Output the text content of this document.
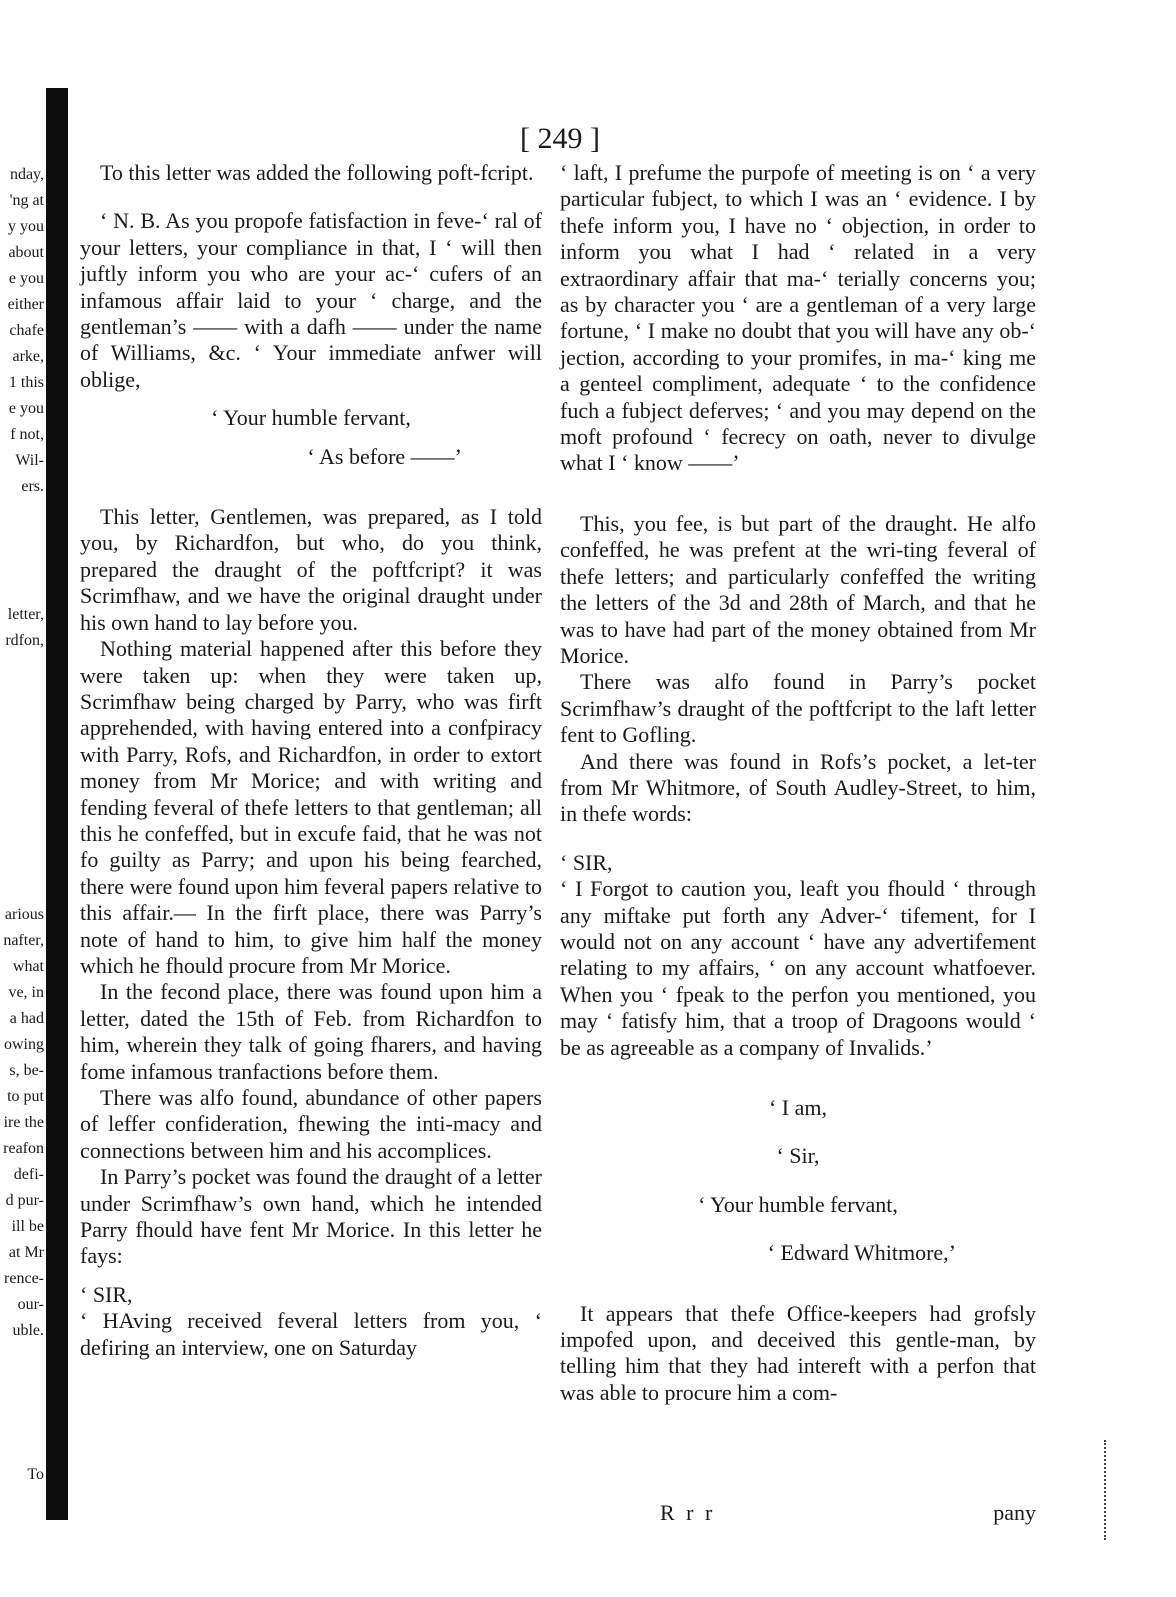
nday,
'ng at
y you
about
e you
either
chafe
arke,
1 this
e you
f not,
Wil-
ers.
letter,
rdfon,
arious
nafter,
what
ve, in
a had
owing
s, be-
to put
ire the
reafon
defi-
d pur-
ill be
at Mr
rence-
our-
uble.
To
[ 249 ]

To this letter was added the following poft-fcript.

‘ N. B. As you propofe fatisfaction in feve-‘ ral of your letters, your compliance in that, I ‘ will then juftly inform you who are your ac-‘ cufers of an infamous affair laid to your ‘ charge, and the gentleman’s —— with a dafh —— under the name of Williams, &c. ‘ Your immediate anfwer will oblige,

‘ Your humble fervant,

‘ As before ——’

This letter, Gentlemen, was prepared, as I told you, by Richardfon, but who, do you think, prepared the draught of the poftfcript? it was Scrimfhaw, and we have the original draught under his own hand to lay before you.

Nothing material happened after this before they were taken up: when they were taken up, Scrimfhaw being charged by Parry, who was firft apprehended, with having entered into a confpiracy with Parry, Rofs, and Richardfon, in order to extort money from Mr Morice; and with writing and fending feveral of thefe letters to that gentleman; all this he confeffed, but in excufe faid, that he was not fo guilty as Parry; and upon his being fearched, there were found upon him feveral papers relative to this affair.— In the firft place, there was Parry’s note of hand to him, to give him half the money which he fhould procure from Mr Morice.

In the fecond place, there was found upon him a letter, dated the 15th of Feb. from Richardfon to him, wherein they talk of going fharers, and having fome infamous tranfactions before them.

There was alfo found, abundance of other papers of leffer confideration, fhewing the inti-macy and connections between him and his accomplices.

In Parry’s pocket was found the draught of a letter under Scrimfhaw’s own hand, which he intended Parry fhould have fent Mr Morice. In this letter he fays:

‘ SIR,

‘ HAving received feveral letters from you, ‘ defiring an interview, one on Saturday

‘ laft, I prefume the purpofe of meeting is on ‘ a very particular fubject, to which I was an ‘ evidence. I by thefe inform you, I have no ‘ objection, in order to inform you what I had ‘ related in a very extraordinary affair that ma-‘ terially concerns you; as by character you ‘ are a gentleman of a very large fortune, ‘ I make no doubt that you will have any ob-‘ jection, according to your promifes, in ma-‘ king me a genteel compliment, adequate ‘ to the confidence fuch a fubject deferves; ‘ and you may depend on the moft profound ‘ fecrecy on oath, never to divulge what I ‘ know ——’

This, you fee, is but part of the draught. He alfo confeffed, he was prefent at the wri-ting feveral of thefe letters; and particularly confeffed the writing the letters of the 3d and 28th of March, and that he was to have had part of the money obtained from Mr Morice.

There was alfo found in Parry’s pocket Scrimfhaw’s draught of the poftfcript to the laft letter fent to Gofling.

And there was found in Rofs’s pocket, a let-ter from Mr Whitmore, of South Audley-Street, to him, in thefe words:

‘ SIR,

‘ I Forgot to caution you, leaft you fhould ‘ through any miftake put forth any Adver-‘ tifement, for I would not on any account ‘ have any advertifement relating to my affairs, ‘ on any account whatfoever. When you ‘ fpeak to the perfon you mentioned, you may ‘ fatisfy him, that a troop of Dragoons would ‘ be as agreeable as a company of Invalids.’

‘ I am,

‘ Sir,

‘ Your humble fervant,

‘ Edward Whitmore,’

It appears that thefe Office-keepers had grofsly impofed upon, and deceived this gentle-man, by telling him that they had intereft with a perfon that was able to procure him a com-

R r r	pany
